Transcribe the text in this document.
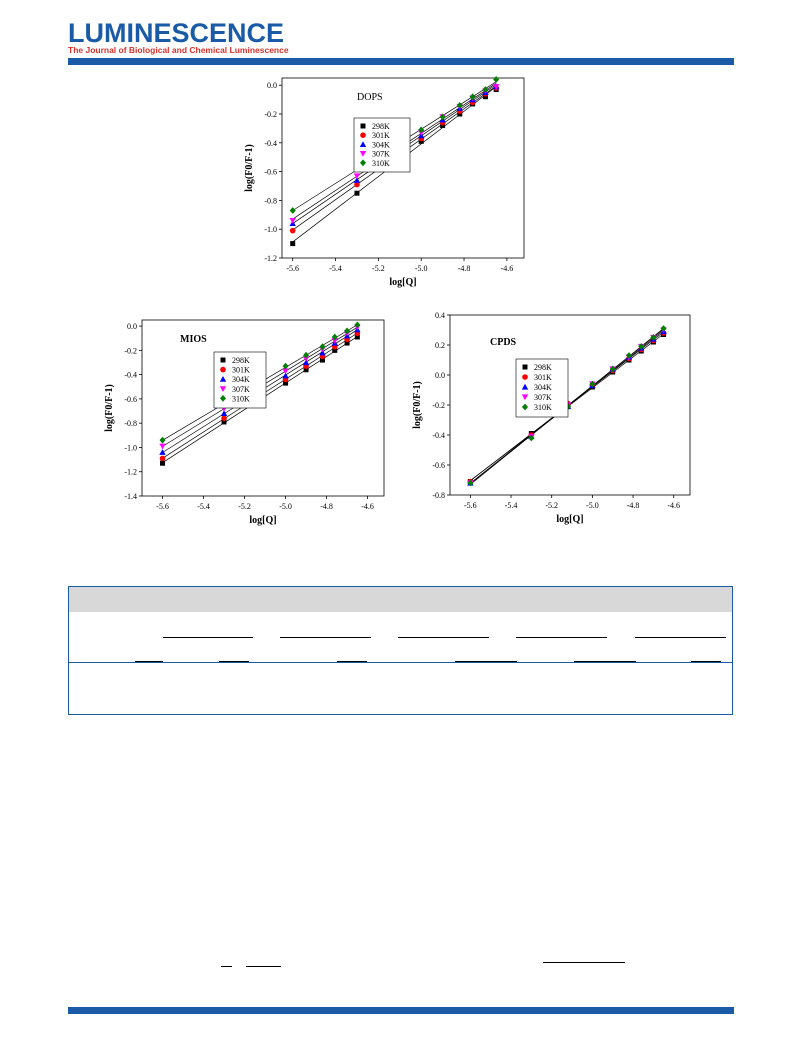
LUMINESCENCE
The Journal of Biological and Chemical Luminescence
-5.6	-5.4	-5.2	-5.0	-4.8	-4.6
0.0
-0.2
-0.4
-0.6
-0.8
-1.0
-1.2
log[Q]
log(F0/F-1)
DOPS
298K
301K
304K
307K
310K
-5.6	-5.4	-5.2	-5.0	-4.8	-4.6
0.0
-0.2
-0.4
-0.6
-0.8
-1.0
-1.2
-1.4
log[Q]
log(F0/F-1)
MIOS
298K
301K
304K
307K
310K
-5.6	-5.4	-5.2	-5.0	-4.8	-4.6
0.4
0.2
0.0
-0.2
-0.4
-0.6
-0.8
log[Q]
log(F0/F-1)
CPDS
298K
301K
304K
307K
310K
